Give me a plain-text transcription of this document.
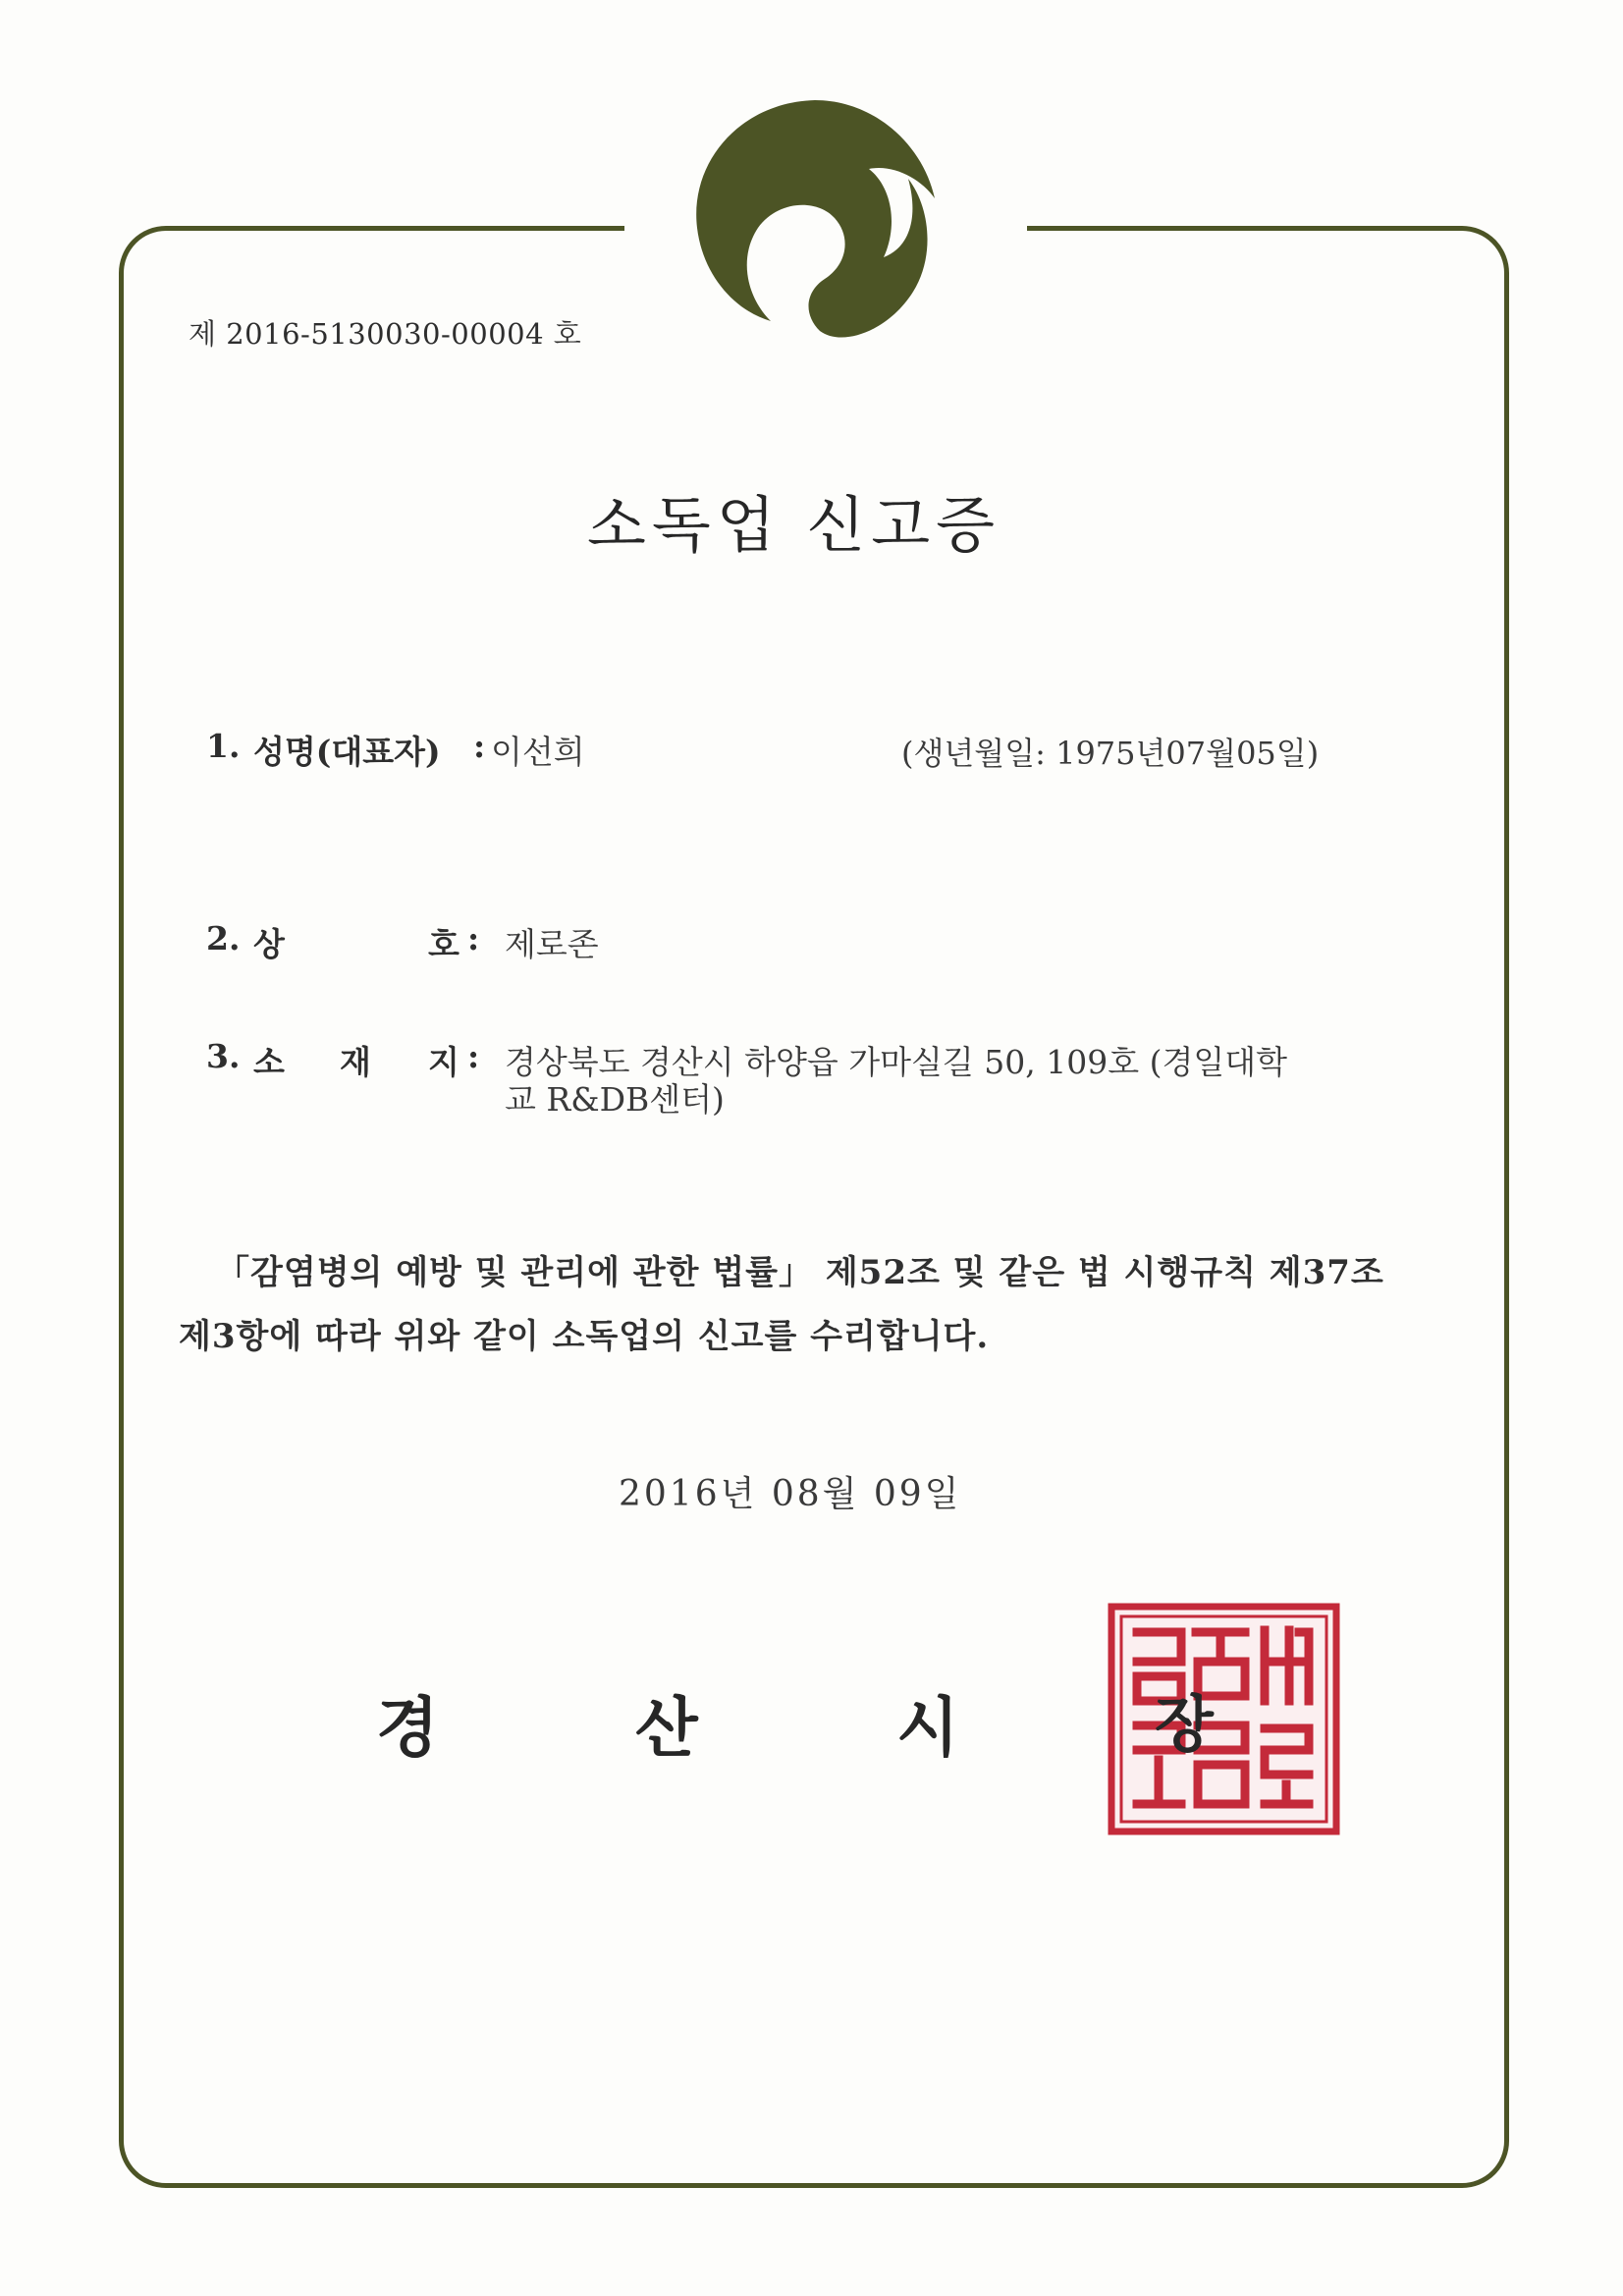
제 2016-5130030-00004 호
소독업 신고증
1. 성명(대표자) : 이선희	(생년월일: 1975년07월05일)
2. 상	호 : 제로존
3. 소 재 지 : 경상북도 경산시 하양읍 가마실길 50, 109호 (경일대학
교 R&DB센터)
「감염병의 예방 및 관리에 관한 법률」 제52조 및 같은 법 시행규칙 제37조
제3항에 따라 위와 같이 소독업의 신고를 수리합니다.
2016년 08월 09일
경	산	시	장
